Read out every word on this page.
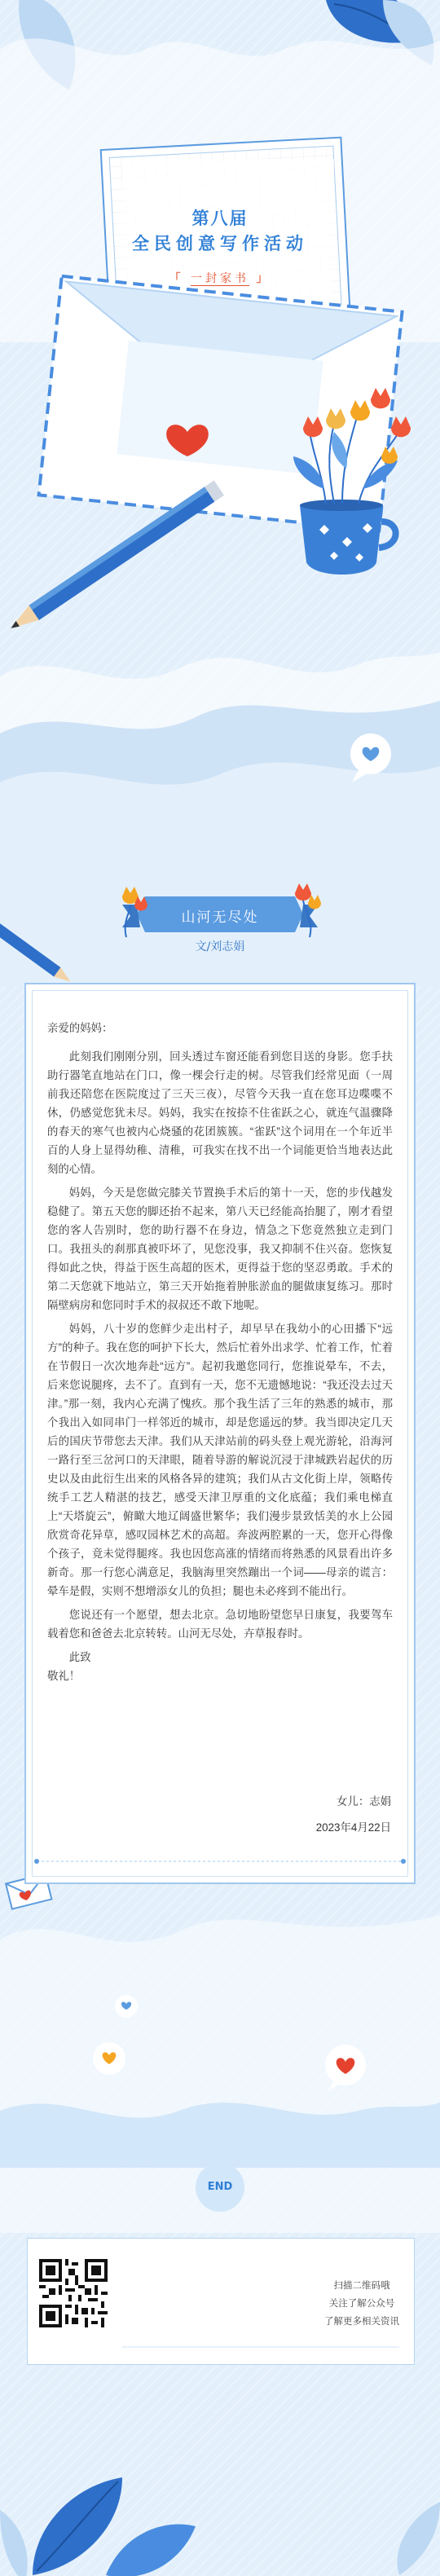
第八届
全民创意写作活动
「 一封家书 」
山河无尽处
文/刘志娟

亲爱的妈妈：

此刻我们刚刚分别，回头透过车窗还能看到您目送的身影。您手扶助行器笔直地站在门口，像一棵会行走的树。尽管我们经常见面（一周前我还陪您在医院度过了三天三夜），尽管今天我一直在您耳边喋喋不休，仍感觉您犹未尽。妈妈，我实在按捺不住雀跃之心，就连气温骤降的春天的寒气也被内心烧骚的花团簇簇。“雀跃”这个词用在一个年近半百的人身上显得幼稚、清稚，可我实在找不出一个词能更恰当地表达此刻的心情。

妈妈，今天是您做完膝关节置换手术后的第十一天，您的步伐越发稳健了。第五天您的脚还抬不起来，第八天已经能高抬腿了，刚才看望您的客人告别时，您的助行器不在身边，情急之下您竟然独立走到门口。我扭头的刹那真被吓坏了，见您没事，我又抑制不住兴奋。您恢复得如此之快，得益于医生高超的医术，更得益于您的坚忍勇敢。手术的第二天您就下地站立，第三天开始拖着肿胀淤血的腿做康复练习。那时隔壁病房和您同时手术的叔叔还不敢下地呢。

妈妈，八十岁的您鲜少走出村子，却早早在我幼小的心田播下“远方”的种子。我在您的呵护下长大，然后忙着外出求学、忙着工作，忙着在节假日一次次地奔赴“远方”。起初我邀您同行，您推说晕车，不去，后来您说腿疼，去不了。直到有一天，您不无遗憾地说：“我还没去过天津。”那一刻，我内心充满了愧疚。那个我生活了三年的熟悉的城市，那个我出入如同串门一样邻近的城市，却是您遥远的梦。我当即决定几天后的国庆节带您去天津。我们从天津站前的码头登上观光游轮，沿海河一路行至三岔河口的天津眼，随着导游的解说沉浸于津城跌岩起伏的历史以及由此衍生出来的风格各异的建筑；我们从古文化街上岸，领略传统手工艺人精湛的技艺，感受天津卫厚重的文化底蕴；我们乘电梯直上“天塔旋云”，俯瞰大地辽阔盛世繁华；我们漫步景致恬美的水上公园欣赏奇花异草，感叹园林艺术的高超。奔波两腔累的一天，您开心得像个孩子，竟未觉得腿疼。我也因您高涨的情绪而将熟悉的风景看出许多新奇。那一行您心满意足，我脑海里突然蹦出一个词——母亲的谎言：晕车是假，实则不想增添女儿的负担；腿也未必疼到不能出行。

您说还有一个愿望，想去北京。急切地盼望您早日康复，我要驾车载着您和爸爸去北京转转。山河无尽处，卉草报春时。

此致

敬礼！

女儿：志娟
2023年4月22日
END
扫描二维码哦
关注了解公众号
了解更多相关资讯
